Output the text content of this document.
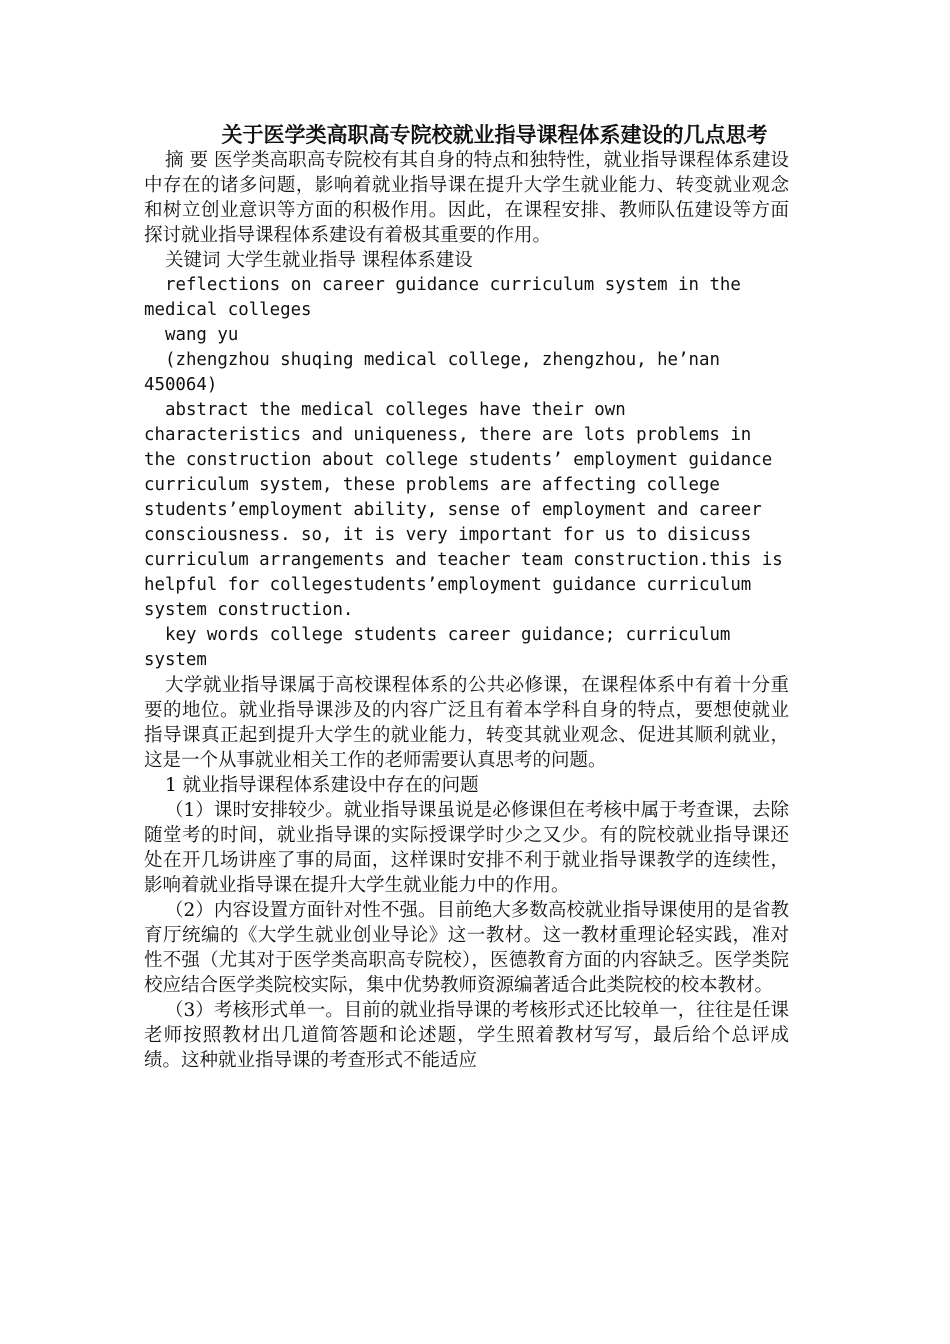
关于医学类高职高专院校就业指导课程体系建设的几点思考

摘 要 医学类高职高专院校有其自身的特点和独特性，就业指导课程体系建设中存在的诸多问题，影响着就业指导课在提升大学生就业能力、转变就业观念和树立创业意识等方面的积极作用。因此，在课程安排、教师队伍建设等方面探讨就业指导课程体系建设有着极其重要的作用。

关键词 大学生就业指导 课程体系建设

reflections on career guidance curriculum system in the medical colleges

wang yu

(zhengzhou shuqing medical college, zhengzhou, he’nan 450064)

abstract the medical colleges have their own characteristics and uniqueness, there are lots problems in the construction about college students’ employment guidance curriculum system, these problems are affecting college students’employment ability, sense of employment and career consciousness. so, it is very important for us to disicuss curriculum arrangements and teacher team construction.this is helpful for collegestudents’employment guidance curriculum system construction.

key words college students career guidance; curriculum system

大学就业指导课属于高校课程体系的公共必修课，在课程体系中有着十分重要的地位。就业指导课涉及的内容广泛且有着本学科自身的特点，要想使就业指导课真正起到提升大学生的就业能力，转变其就业观念、促进其顺利就业，这是一个从事就业相关工作的老师需要认真思考的问题。

1 就业指导课程体系建设中存在的问题

（1）课时安排较少。就业指导课虽说是必修课但在考核中属于考查课，去除随堂考的时间，就业指导课的实际授课学时少之又少。有的院校就业指导课还处在开几场讲座了事的局面，这样课时安排不利于就业指导课教学的连续性，影响着就业指导课在提升大学生就业能力中的作用。

（2）内容设置方面针对性不强。目前绝大多数高校就业指导课使用的是省教育厅统编的《大学生就业创业导论》这一教材。这一教材重理论轻实践，准对性不强（尤其对于医学类高职高专院校），医德教育方面的内容缺乏。医学类院校应结合医学类院校实际，集中优势教师资源编著适合此类院校的校本教材。

（3）考核形式单一。目前的就业指导课的考核形式还比较单一，往往是任课老师按照教材出几道简答题和论述题，学生照着教材写写，最后给个总评成绩。这种就业指导课的考查形式不能适应
